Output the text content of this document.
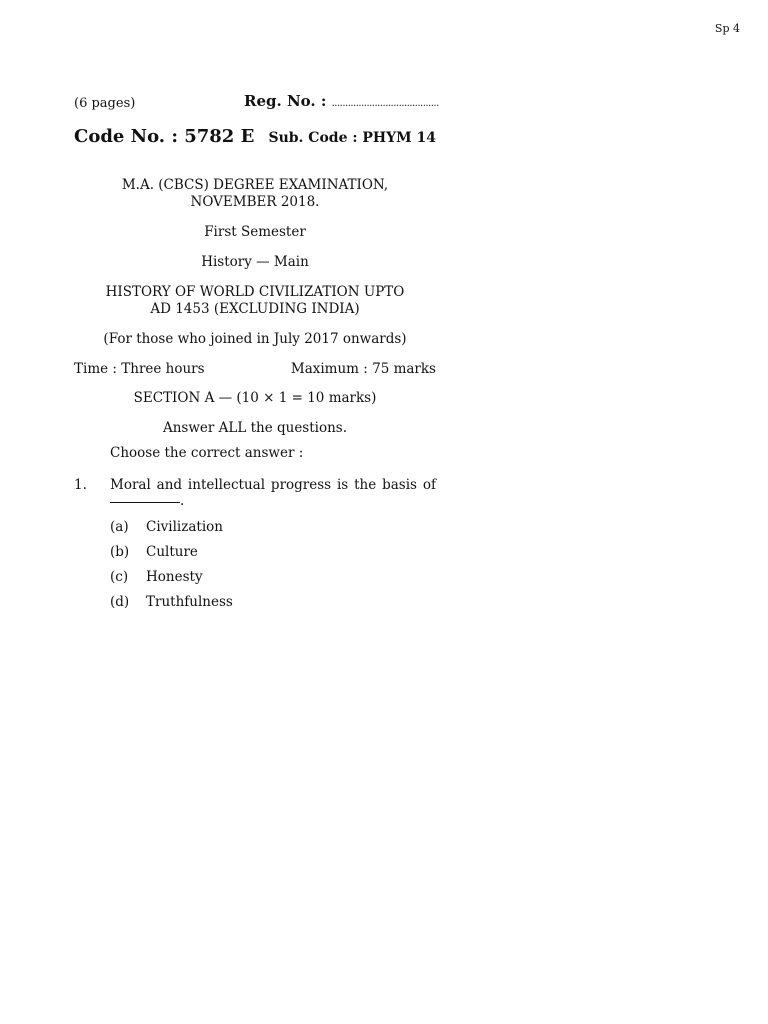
Sp 4
(6 pages)	Reg. No. : ........................................
Code No. : 5782 E Sub. Code : PHYM 14
M.A. (CBCS) DEGREE EXAMINATION,
NOVEMBER 2018.
First Semester
History — Main
HISTORY OF WORLD CIVILIZATION UPTO
AD 1453 (EXCLUDING INDIA)
(For those who joined in July 2017 onwards)
Time : Three hours	Maximum : 75 marks
SECTION A — (10 × 1 = 10 marks)
Answer ALL the questions.
Choose the correct answer :
1.	Moral and intellectual progress is the basis of .
(a)	Civilization
(b)	Culture
(c)	Honesty
(d)	Truthfulness
